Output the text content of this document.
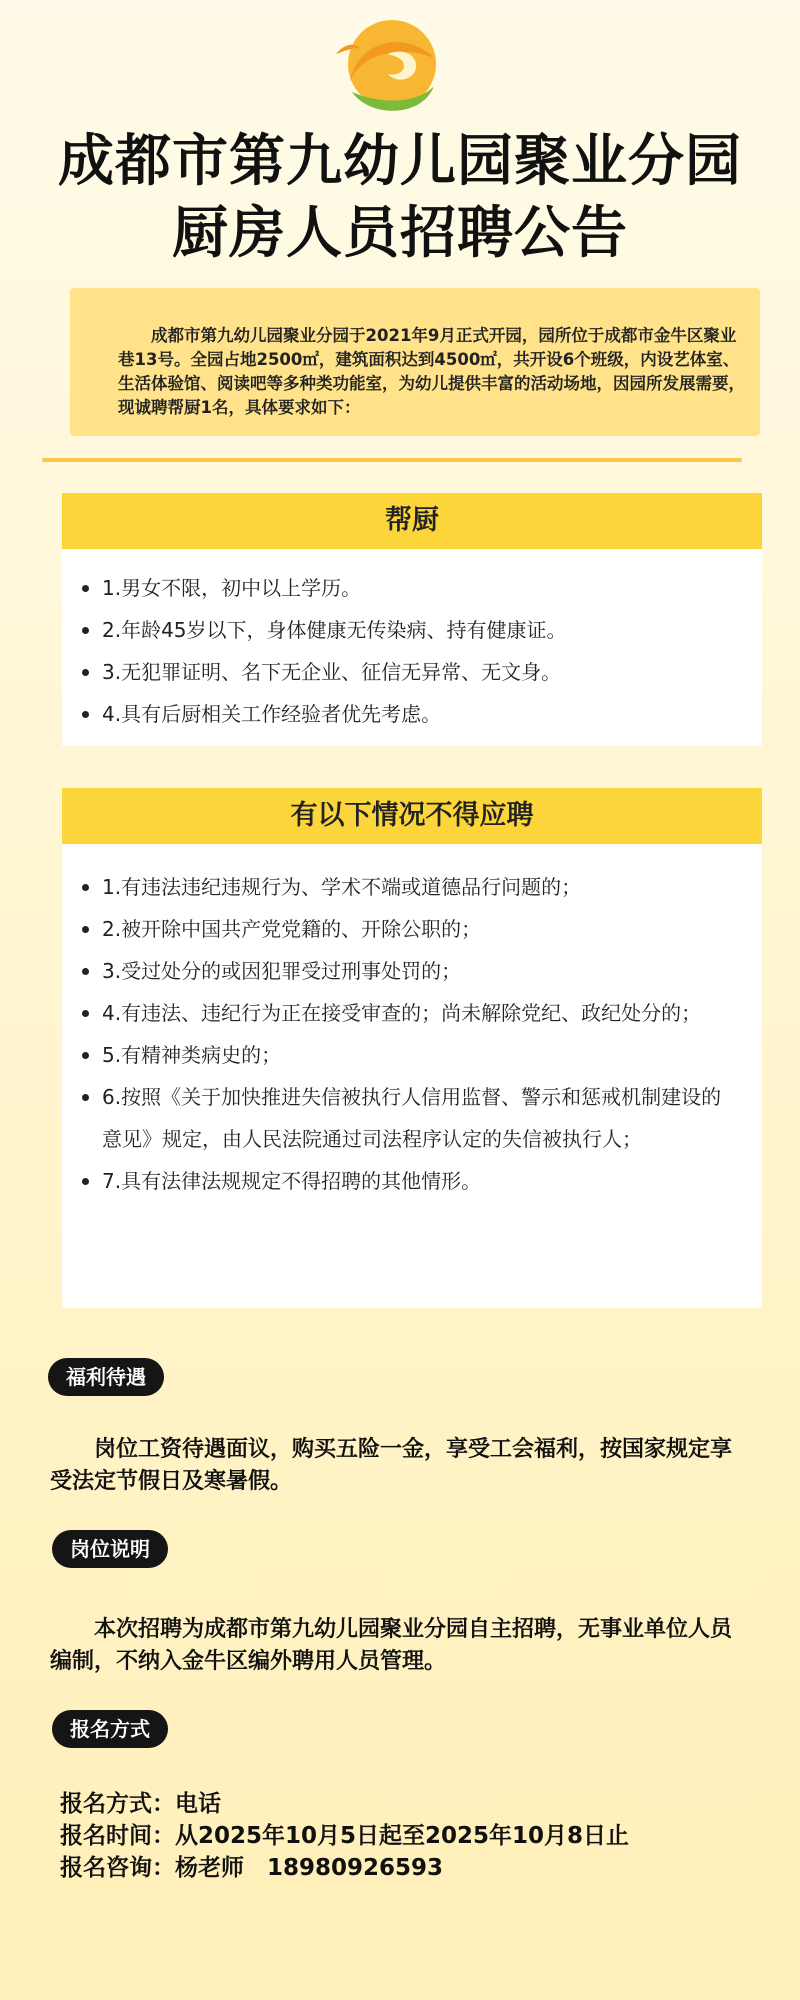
成都市第九幼儿园聚业分园
厨房人员招聘公告

成都市第九幼儿园聚业分园于2021年9月正式开园，园所位于成都市金牛区聚业巷13号。全园占地2500㎡，建筑面积达到4500㎡，共开设6个班级，内设艺体室、生活体验馆、阅读吧等多种类功能室，为幼儿提供丰富的活动场地，因园所发展需要，现诚聘帮厨1名，具体要求如下：

帮厨
1.男女不限，初中以上学历。
2.年龄45岁以下，身体健康无传染病、持有健康证。
3.无犯罪证明、名下无企业、征信无异常、无文身。
4.具有后厨相关工作经验者优先考虑。
有以下情况不得应聘
1.有违法违纪违规行为、学术不端或道德品行问题的；
2.被开除中国共产党党籍的、开除公职的；
3.受过处分的或因犯罪受过刑事处罚的；
4.有违法、违纪行为正在接受审查的；尚未解除党纪、政纪处分的；
5.有精神类病史的；
6.按照《关于加快推进失信被执行人信用监督、警示和惩戒机制建设的意见》规定，由人民法院通过司法程序认定的失信被执行人；
7.具有法律法规规定不得招聘的其他情形。
福利待遇
岗位工资待遇面议，购买五险一金，享受工会福利，按国家规定享受法定节假日及寒暑假。
岗位说明
本次招聘为成都市第九幼儿园聚业分园自主招聘，无事业单位人员编制，不纳入金牛区编外聘用人员管理。
报名方式
报名方式：电话
报名时间：从2025年10月5日起至2025年10月8日止
报名咨询：杨老师　18980926593
